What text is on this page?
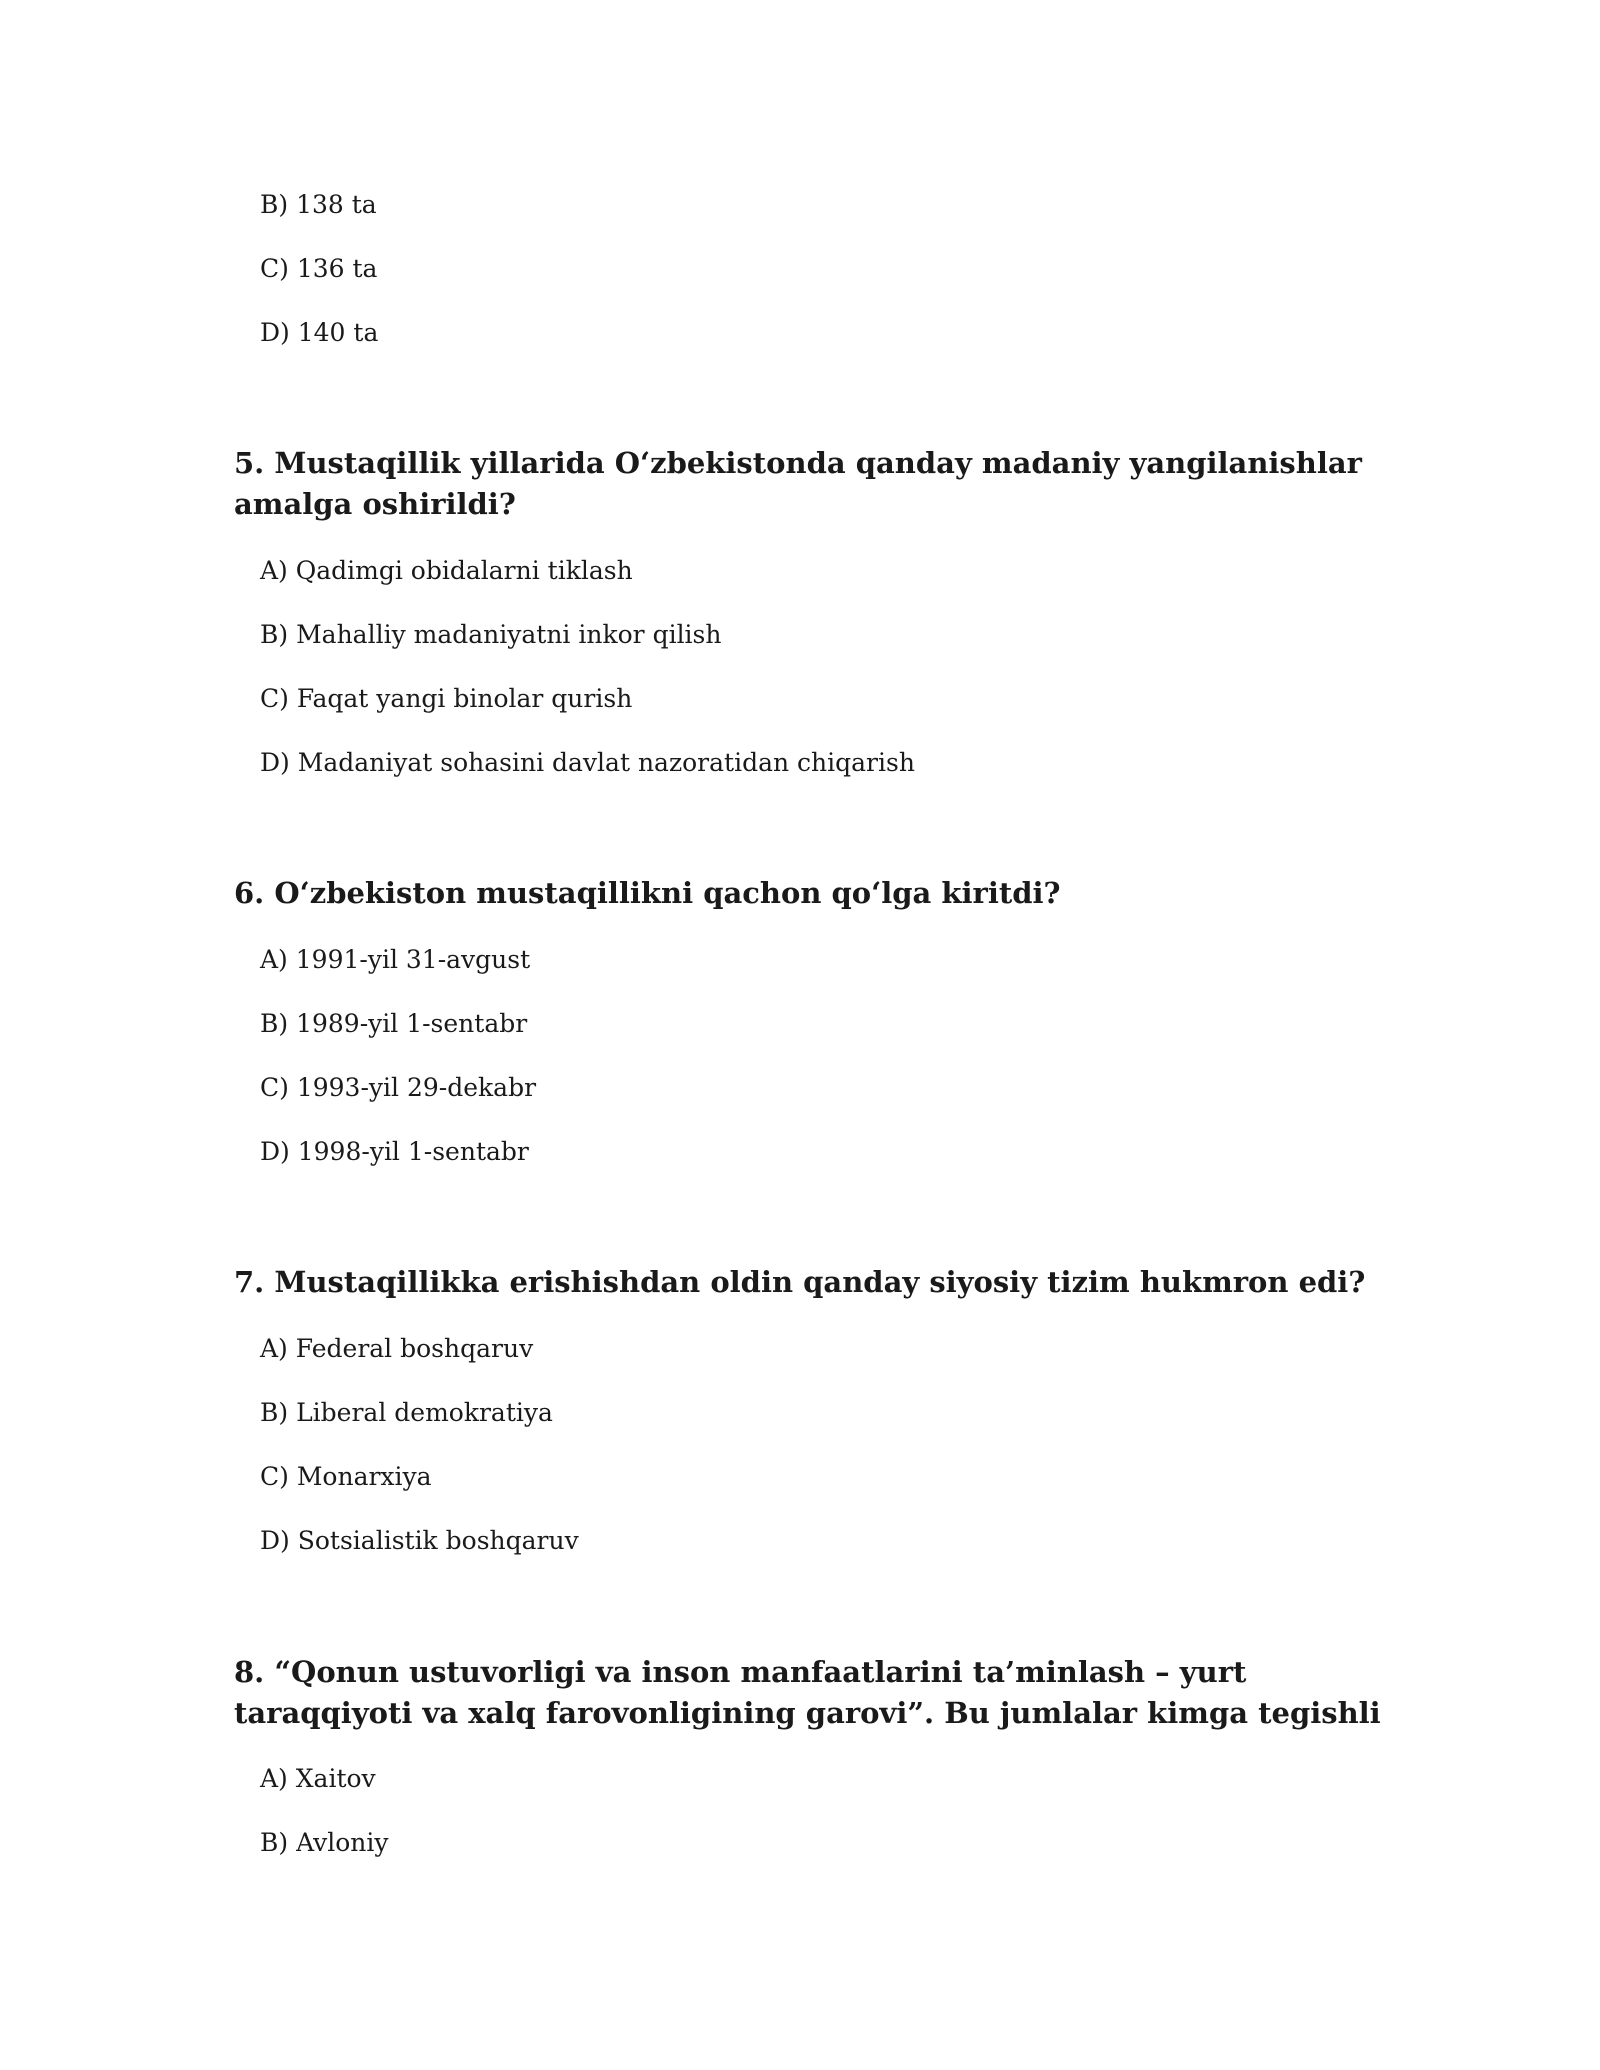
B) 138 ta
C) 136 ta
D) 140 ta
5. Mustaqillik yillarida O‘zbekistonda qanday madaniy yangilanishlar amalga oshirildi?
A) Qadimgi obidalarni tiklash
B) Mahalliy madaniyatni inkor qilish
C) Faqat yangi binolar qurish
D) Madaniyat sohasini davlat nazoratidan chiqarish
6. O‘zbekiston mustaqillikni qachon qo‘lga kiritdi?
A) 1991-yil 31-avgust
B) 1989-yil 1-sentabr
C) 1993-yil 29-dekabr
D) 1998-yil 1-sentabr
7. Mustaqillikka erishishdan oldin qanday siyosiy tizim hukmron edi?
A) Federal boshqaruv
B) Liberal demokratiya
C) Monarxiya
D) Sotsialistik boshqaruv
8. “Qonun ustuvorligi va inson manfaatlarini ta’minlash – yurt taraqqiyoti va xalq farovonligining garovi”. Bu jumlalar kimga tegishli
A) Xaitov
B) Avloniy
